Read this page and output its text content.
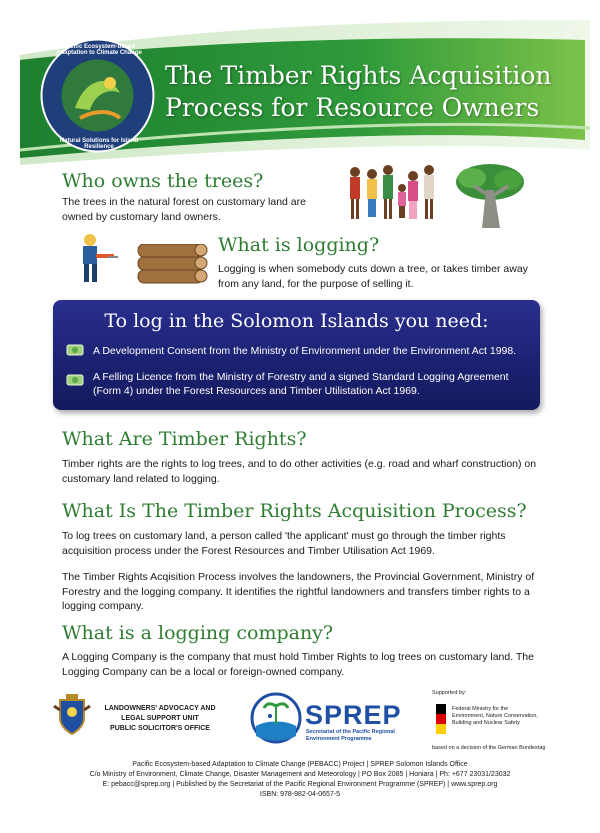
Pacific Ecosystem-based Adaptation to Climate Change
Natural Solutions for Island Resilience
The Timber Rights Acquisition
Process for Resource Owners
Who owns the trees?
The trees in the natural forest on customary land are owned by customary land owners.
What is logging?
Logging is when somebody cuts down a tree, or takes timber away from any land, for the purpose of selling it.
To log in the Solomon Islands you need:
A Development Consent from the Ministry of Environment under the Environment Act 1998.
A Felling Licence from the Ministry of Forestry and a signed Standard Logging Agreement (Form 4) under the Forest Resources and Timber Utilistation Act 1969.
What Are Timber Rights?
Timber rights are the rights to log trees, and to do other activities (e.g. road and wharf construction) on customary land related to logging.
What Is The Timber Rights Acquisition Process?
To log trees on customary land, a person called 'the applicant' must go through the timber rights acquisition process under the Forest Resources and Timber Utilisation Act 1969.
The Timber Rights Acqisition Process involves the landowners, the Provincial Government, Ministry of Forestry and the logging company. It identifies the rightful landowners and transfers timber rights to a logging company.
What is a logging company?
A Logging Company is the company that must hold Timber Rights to log trees on customary land. The Logging Company can be a local or foreign-owned company.
LANDOWNERS' ADVOCACY AND
LEGAL SUPPORT UNIT
PUBLIC SOLICITOR'S OFFICE	SPREP
Secretariat of the Pacific Regional
Environment Programme
Supported by:
Federal Ministry for the
Environment, Nature Conservation,
Building and Nuclear Safety
based on a decision of the German Bundestag
Pacific Ecosystem-based Adaptation to Climate Change (PEBACC) Project | SPREP Solomon Islands Office
C/o Ministry of Environment, Climate Change, Disaster Management and Meteorology | PO Box 2085 | Honiara | Ph: +677 23031/23032
E: pebacc@sprep.org | Published by the Secretariat of the Pacific Regional Environment Programme (SPREP) | www.sprep.org
ISBN: 978-982-04-0657-5
